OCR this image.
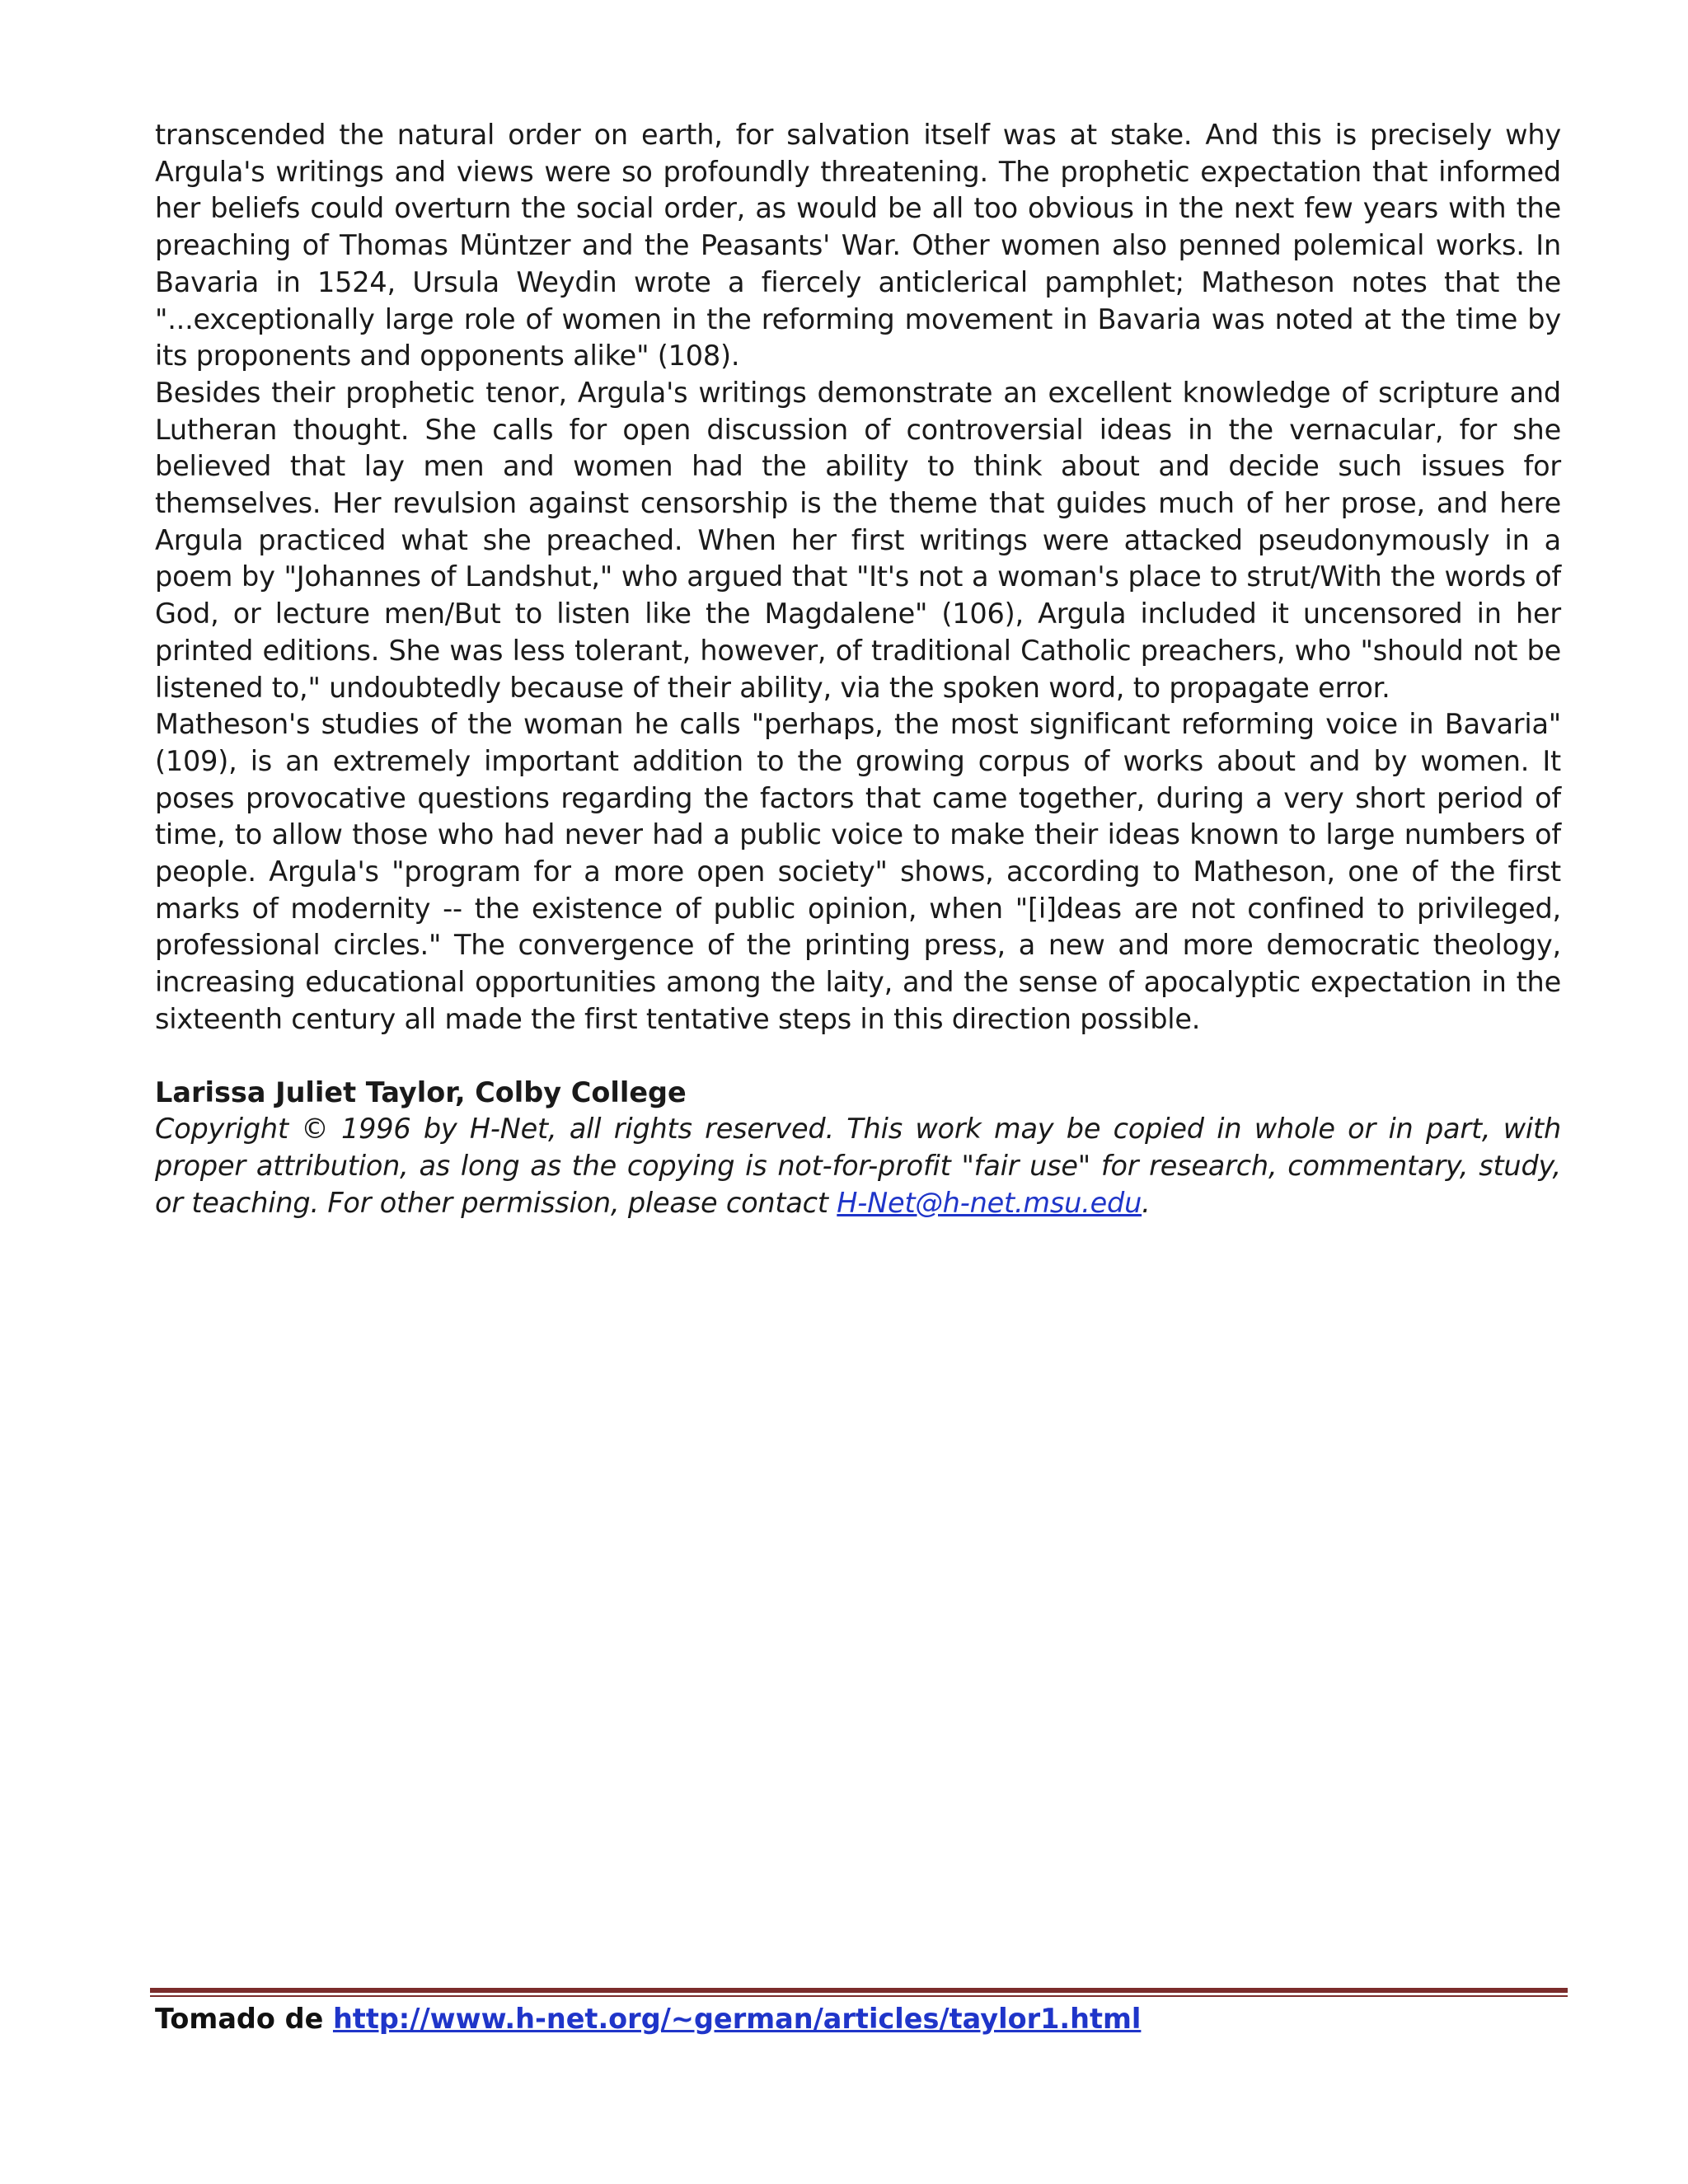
transcended the natural order on earth, for salvation itself was at stake. And this is precisely why Argula's writings and views were so profoundly threatening. The prophetic expectation that informed her beliefs could overturn the social order, as would be all too obvious in the next few years with the preaching of Thomas Müntzer and the Peasants' War. Other women also penned polemical works. In Bavaria in 1524, Ursula Weydin wrote a fiercely anticlerical pamphlet; Matheson notes that the "...exceptionally large role of women in the reforming movement in Bavaria was noted at the time by its proponents and opponents alike" (108).

Besides their prophetic tenor, Argula's writings demonstrate an excellent knowledge of scripture and Lutheran thought. She calls for open discussion of controversial ideas in the vernacular, for she believed that lay men and women had the ability to think about and decide such issues for themselves. Her revulsion against censorship is the theme that guides much of her prose, and here Argula practiced what she preached. When her first writings were attacked pseudonymously in a poem by "Johannes of Landshut," who argued that "It's not a woman's place to strut/With the words of God, or lecture men/But to listen like the Magdalene" (106), Argula included it uncensored in her printed editions. She was less tolerant, however, of traditional Catholic preachers, who "should not be listened to," undoubtedly because of their ability, via the spoken word, to propagate error.

Matheson's studies of the woman he calls "perhaps, the most significant reforming voice in Bavaria" (109), is an extremely important addition to the growing corpus of works about and by women. It poses provocative questions regarding the factors that came together, during a very short period of time, to allow those who had never had a public voice to make their ideas known to large numbers of people. Argula's "program for a more open society" shows, according to Matheson, one of the first marks of modernity -- the existence of public opinion, when "[i]deas are not confined to privileged, professional circles." The convergence of the printing press, a new and more democratic theology, increasing educational opportunities among the laity, and the sense of apocalyptic expectation in the sixteenth century all made the first tentative steps in this direction possible.

Larissa Juliet Taylor, Colby College

Copyright © 1996 by H-Net, all rights reserved. This work may be copied in whole or in part, with proper attribution, as long as the copying is not-for-profit "fair use" for research, commentary, study, or teaching. For other permission, please contact H-Net@h-net.msu.edu.

Tomado de http://www.h-net.org/~german/articles/taylor1.html
